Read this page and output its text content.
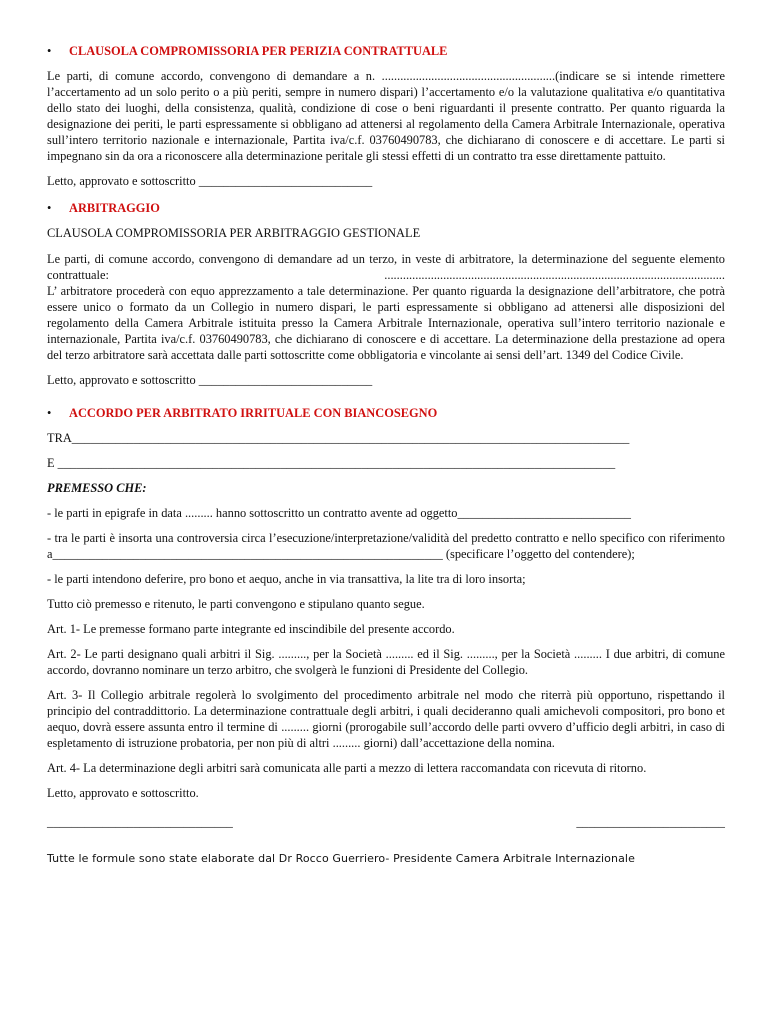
• CLAUSOLA COMPROMISSORIA PER PERIZIA CONTRATTUALE

Le parti, di comune accordo, convengono di demandare a n. ........................................................(indicare se si intende rimettere l’accertamento ad un solo perito o a più periti, sempre in numero dispari) l’accertamento e/o la valutazione qualitativa e/o quantitativa dello stato dei luoghi, della consistenza, qualità, condizione di cose o beni riguardanti il presente contratto. Per quanto riguarda la designazione dei periti, le parti espressamente si obbligano ad attenersi al regolamento della Camera Arbitrale Internazionale, operativa sull’intero territorio nazionale e internazionale, Partita iva/c.f. 03760490783, che dichiarano di conoscere e di accettare. Le parti si impegnano sin da ora a riconoscere alla determinazione peritale gli stessi effetti di un contratto tra esse direttamente pattuito.

Letto, approvato e sottoscritto ____________________________

• ARBITRAGGIO

CLAUSOLA COMPROMISSORIA PER ARBITRAGGIO GESTIONALE

Le parti, di comune accordo, convengono di demandare ad un terzo, in veste di arbitratore, la determinazione del seguente elemento contrattuale: ..............................................................................................................

L’ arbitratore procederà con equo apprezzamento a tale determinazione. Per quanto riguarda la designazione dell’arbitratore, che potrà essere unico o formato da un Collegio in numero dispari, le parti espressamente si obbligano ad attenersi alle disposizioni del regolamento della Camera Arbitrale istituita presso la Camera Arbitrale Internazionale, operativa sull’intero territorio nazionale e internazionale, Partita iva/c.f. 03760490783, che dichiarano di conoscere e di accettare. La determinazione della prestazione ad opera del terzo arbitratore sarà accettata dalle parti sottoscritte come obbligatoria e vincolante ai sensi dell’art. 1349 del Codice Civile.

Letto, approvato e sottoscritto ____________________________

• ACCORDO PER ARBITRATO IRRITUALE CON BIANCOSEGNO

TRA__________________________________________________________________________________________

E __________________________________________________________________________________________

PREMESSO CHE:

- le parti in epigrafe in data ......... hanno sottoscritto un contratto avente ad oggetto____________________________

- tra le parti è insorta una controversia circa l’esecuzione/interpretazione/validità del predetto contratto e nello specifico con riferimento a_______________________________________________________________ (specificare l’oggetto del contendere);

- le parti intendono deferire, pro bono et aequo, anche in via transattiva, la lite tra di loro insorta;

Tutto ciò premesso e ritenuto, le parti convengono e stipulano quanto segue.

Art. 1- Le premesse formano parte integrante ed inscindibile del presente accordo.

Art. 2- Le parti designano quali arbitri il Sig. ........., per la Società ......... ed il Sig. ........., per la Società ......... I due arbitri, di comune accordo, dovranno nominare un terzo arbitro, che svolgerà le funzioni di Presidente del Collegio.

Art. 3- Il Collegio arbitrale regolerà lo svolgimento del procedimento arbitrale nel modo che riterrà più opportuno, rispettando il principio del contraddittorio. La determinazione contrattuale degli arbitri, i quali decideranno quali amichevoli compositori, pro bono et aequo, dovrà essere assunta entro il termine di ......... giorni (prorogabile sull’accordo delle parti ovvero d’ufficio degli arbitri, in caso di espletamento di istruzione probatoria, per non più di altri ......... giorni) dall’accettazione della nomina.

Art. 4- La determinazione degli arbitri sarà comunicata alle parti a mezzo di lettera raccomandata con ricevuta di ritorno.

Letto, approvato e sottoscritto.

______________________________	________________________
Tutte le formule sono state elaborate dal Dr Rocco Guerriero- Presidente Camera Arbitrale Internazionale
